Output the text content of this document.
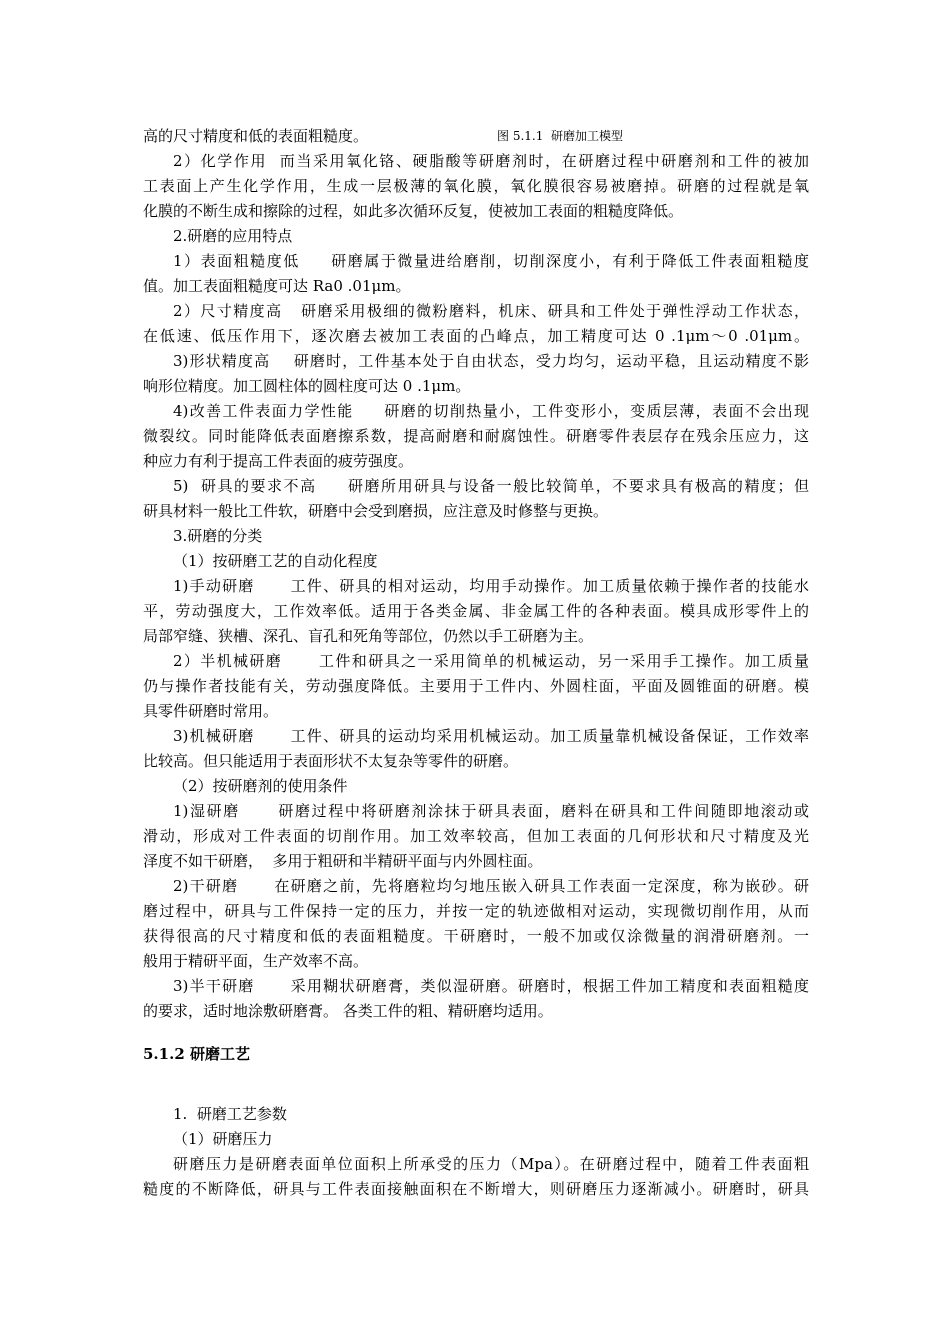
图 5.1.1  研磨加工模型
5.1.2 研磨工艺
高的尺寸精度和低的表面粗糙度。
2）化学作用  而当采用氧化铬、硬脂酸等研磨剂时，在研磨过程中研磨剂和工件的被加
工表面上产生化学作用，生成一层极薄的氧化膜，氧化膜很容易被磨掉。研磨的过程就是氧
化膜的不断生成和擦除的过程，如此多次循环反复，使被加工表面的粗糙度降低。
2.研磨的应用特点
1）表面粗糙度低     研磨属于微量进给磨削，切削深度小，有利于降低工件表面粗糙度
值。加工表面粗糙度可达 Ra0 .01μm。
2）尺寸精度高   研磨采用极细的微粉磨料，机床、研具和工件处于弹性浮动工作状态，
在低速、低压作用下，逐次磨去被加工表面的凸峰点，加工精度可达 0 .1μm～0 .01μm。
3)形状精度高    研磨时，工件基本处于自由状态，受力均匀，运动平稳，且运动精度不影
响形位精度。加工圆柱体的圆柱度可达 0 .1μm。
4)改善工件表面力学性能     研磨的切削热量小，工件变形小，变质层薄，表面不会出现
微裂纹。同时能降低表面磨擦系数，提高耐磨和耐腐蚀性。研磨零件表层存在残余压应力，这
种应力有利于提高工件表面的疲劳强度。
5)  研具的要求不高     研磨所用研具与设备一般比较简单，不要求具有极高的精度；但
研具材料一般比工件软，研磨中会受到磨损，应注意及时修整与更换。
3.研磨的分类
（1）按研磨工艺的自动化程度
1)手动研磨      工件、研具的相对运动，均用手动操作。加工质量依赖于操作者的技能水
平，劳动强度大，工作效率低。适用于各类金属、非金属工件的各种表面。模具成形零件上的
局部窄缝、狭槽、深孔、盲孔和死角等部位，仍然以手工研磨为主。
2）半机械研磨      工件和研具之一采用简单的机械运动，另一采用手工操作。加工质量
仍与操作者技能有关，劳动强度降低。主要用于工件内、外圆柱面，平面及圆锥面的研磨。模
具零件研磨时常用。
3)机械研磨      工件、研具的运动均采用机械运动。加工质量靠机械设备保证，工作效率
比较高。但只能适用于表面形状不太复杂等零件的研磨。
（2）按研磨剂的使用条件
1)湿研磨      研磨过程中将研磨剂涂抹于研具表面，磨料在研具和工件间随即地滚动或
滑动，形成对工件表面的切削作用。加工效率较高，但加工表面的几何形状和尺寸精度及光
泽度不如干研磨，  多用于粗研和半精研平面与内外圆柱面。
2)干研磨      在研磨之前，先将磨粒均匀地压嵌入研具工作表面一定深度，称为嵌砂。研
磨过程中，研具与工件保持一定的压力，并按一定的轨迹做相对运动，实现微切削作用，从而
获得很高的尺寸精度和低的表面粗糙度。干研磨时，一般不加或仅涂微量的润滑研磨剂。一
般用于精研平面，生产效率不高。
3)半干研磨      采用糊状研磨膏，类似湿研磨。研磨时，根据工件加工精度和表面粗糙度
的要求，适时地涂敷研磨膏。 各类工件的粗、精研磨均适用。
1.  研磨工艺参数
（1）研磨压力
研磨压力是研磨表面单位面积上所承受的压力（Mpa）。在研磨过程中，随着工件表面粗
糙度的不断降低，研具与工件表面接触面积在不断增大，则研磨压力逐渐减小。研磨时，研具
